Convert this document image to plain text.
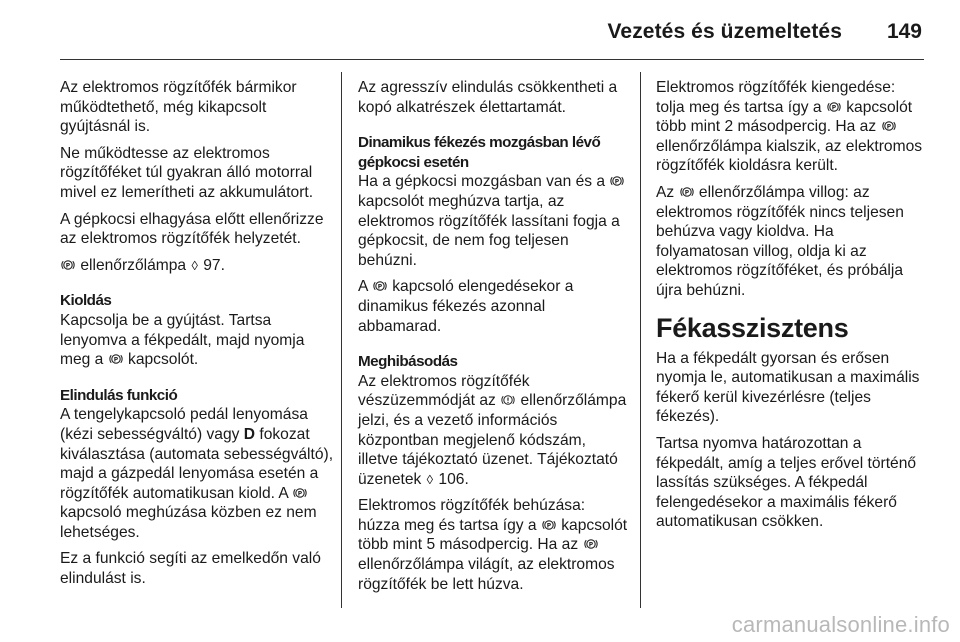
Vezetés és üzemeltetés 149

Az elektromos rögzítőfék bármikor működtethető, még kikapcsolt gyújtásnál is.

Ne működtesse az elektromos rögzítőféket túl gyakran álló motorral mivel ez lemerítheti az akkumulátort.

A gépkocsi elhagyása előtt ellenőrizze az elektromos rögzítőfék helyzetét.

P ellenőrzőlámpa ◊ 97.

Kioldás

Kapcsolja be a gyújtást. Tartsa lenyomva a fékpedált, majd nyomja meg a P kapcsolót.

Elindulás funkció

A tengelykapcsoló pedál lenyomása (kézi sebességváltó) vagy D fokozat kiválasztása (automata sebességváltó), majd a gázpedál lenyomása esetén a rögzítőfék automatikusan kiold. A P
kapcsoló meghúzása közben ez nem lehetséges.

Ez a funkció segíti az emelkedőn való elindulást is.

Az agresszív elindulás csökkentheti a kopó alkatrészek élettartamát.

Dinamikus fékezés mozgásban lévő gépkocsi esetén

Ha a gépkocsi mozgásban van és a P
kapcsolót meghúzva tartja, az elektromos rögzítőfék lassítani fogja a gépkocsit, de nem fog teljesen behúzni.

A P kapcsoló elengedésekor a dinamikus fékezés azonnal abbamarad.

Meghibásodás

Az elektromos rögzítőfék vészüzemmódját az ellenőrzőlámpa jelzi, és a vezető információs központban megjelenő kódszám, illetve tájékoztató üzenet. Tájékoztató üzenetek ◊ 106.

Elektromos rögzítőfék behúzása: húzza meg és tartsa így a P kapcsolót több mint 5 másodpercig. Ha az P
ellenőrzőlámpa világít, az elektromos rögzítőfék be lett húzva.

Elektromos rögzítőfék kiengedése: tolja meg és tartsa így a P kapcsolót több mint 2 másodpercig. Ha az P
ellenőrzőlámpa kialszik, az elektromos rögzítőfék kioldásra került.

Az P ellenőrzőlámpa villog: az elektromos rögzítőfék nincs teljesen behúzva vagy kioldva. Ha folyamatosan villog, oldja ki az elektromos rögzítőféket, és próbálja újra behúzni.

Fékasszisztens

Ha a fékpedált gyorsan és erősen nyomja le, automatikusan a maximális fékerő kerül kivezérlésre (teljes fékezés).

Tartsa nyomva határozottan a fékpedált, amíg a teljes erővel történő lassítás szükséges. A fékpedál felengedésekor a maximális fékerő automatikusan csökken.

carmanualsonline.info
